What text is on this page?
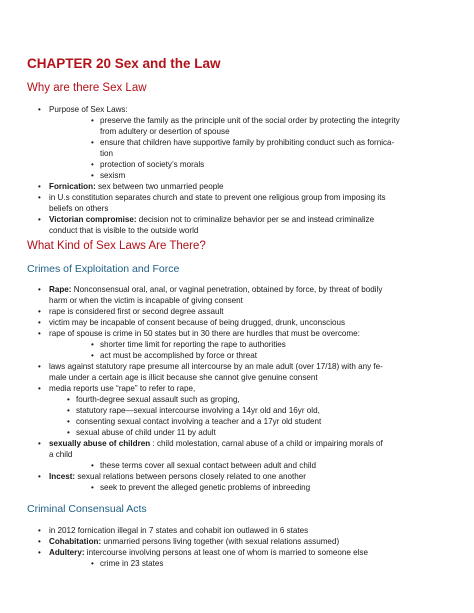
CHAPTER 20 Sex and the Law
Why are there Sex Law
• Purpose of Sex Laws:
• preserve the family as the principle unit of the social order by protecting the integrity
from adultery or desertion of spouse
• ensure that children have supportive family by prohibiting conduct such as fornica-
tion
• protection of society’s morals
• sexism
• Fornication: sex between two unmarried people
• in U.s constitution separates church and state to prevent one religious group from imposing its
beliefs on others
• Victorian compromise: decision not to criminalize behavior per se and instead criminalize
conduct that is visible to the outside world
What Kind of Sex Laws Are There?
Crimes of Exploitation and Force
• Rape: Nonconsensual oral, anal, or vaginal penetration, obtained by force, by threat of bodily
harm or when the victim is incapable of giving consent
• rape is considered first or second degree assault
• victim may be incapable of consent because of being drugged, drunk, unconscious
• rape of spouse is crime in 50 states but in 30 there are hurdles that must be overcome:
• shorter time limit for reporting the rape to authorities
• act must be accomplished by force or threat
• laws against statutory rape presume all intercourse by an male adult (over 17/18) with any fe-
male under a certain age is illicit because she cannot give genuine consent
• media reports use “rape” to refer to rape,
• fourth-degree sexual assault such as groping,
• statutory rape—sexual intercourse involving a 14yr old and 16yr old,
• consenting sexual contact involving a teacher and a 17yr old student
• sexual abuse of child under 11 by adult
• sexually abuse of children : child molestation, carnal abuse of a child or impairing morals of
a child
• these terms cover all sexual contact between adult and child
• Incest: sexual relations between persons closely related to one another
• seek to prevent the alleged genetic problems of inbreeding
Criminal Consensual Acts
• in 2012 fornication illegal in 7 states and cohabit ion outlawed in 6 states
• Cohabitation: unmarried persons living together (with sexual relations assumed)
• Adultery: intercourse involving persons at least one of whom is married to someone else
• crime in 23 states
